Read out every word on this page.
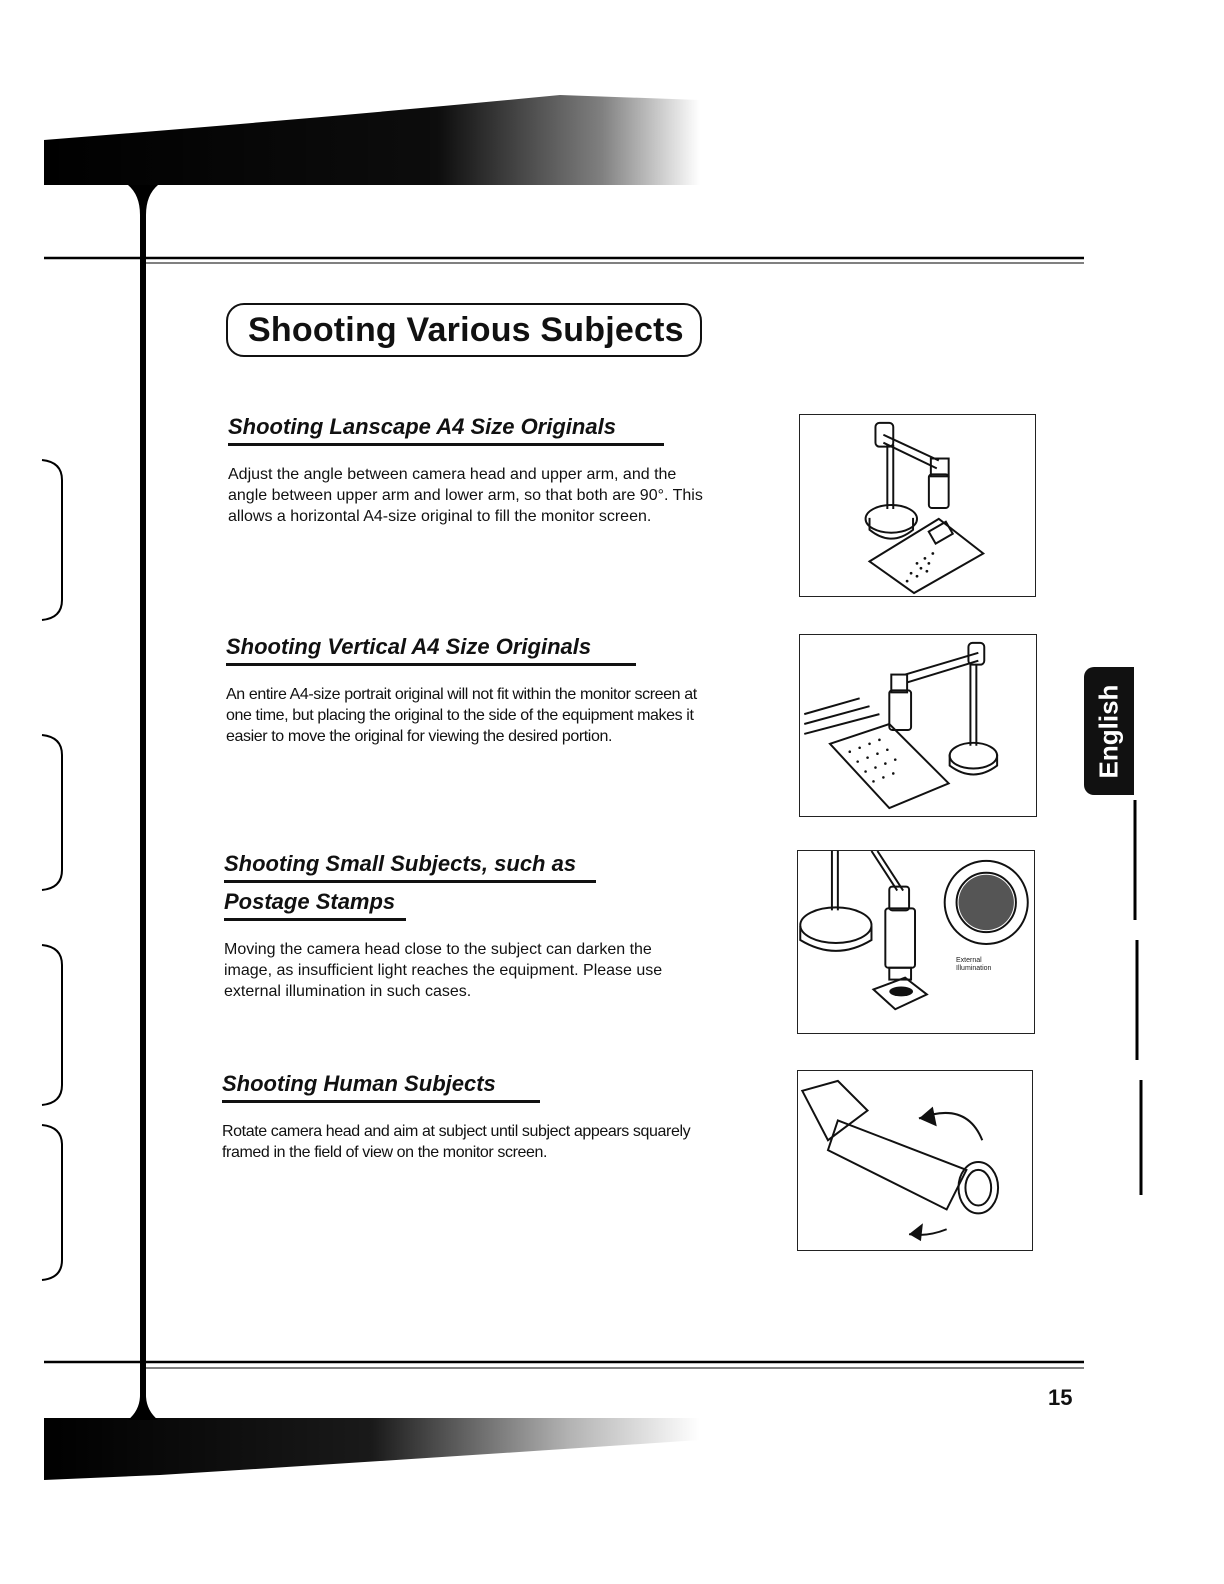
Shooting Various Subjects
Shooting Lanscape A4 Size Originals
Adjust the angle between camera head and upper arm, and the angle between upper arm and lower arm, so that both are 90°. This allows a horizontal A4-size original to fill the monitor screen.
Shooting Vertical A4 Size Originals
An entire A4-size portrait original will not fit within the monitor screen at one time, but placing the original to the side of the equipment makes it easier to move the original for viewing the desired portion.
Shooting Small Subjects, such as
Postage Stamps
Moving the camera head close to the subject can darken the image, as insufficient light reaches the equipment. Please use external illumination in such cases.
Shooting Human Subjects
Rotate camera head and aim at subject until subject appears squarely framed in the field of view on the monitor screen.
External
Illumination
English
15
